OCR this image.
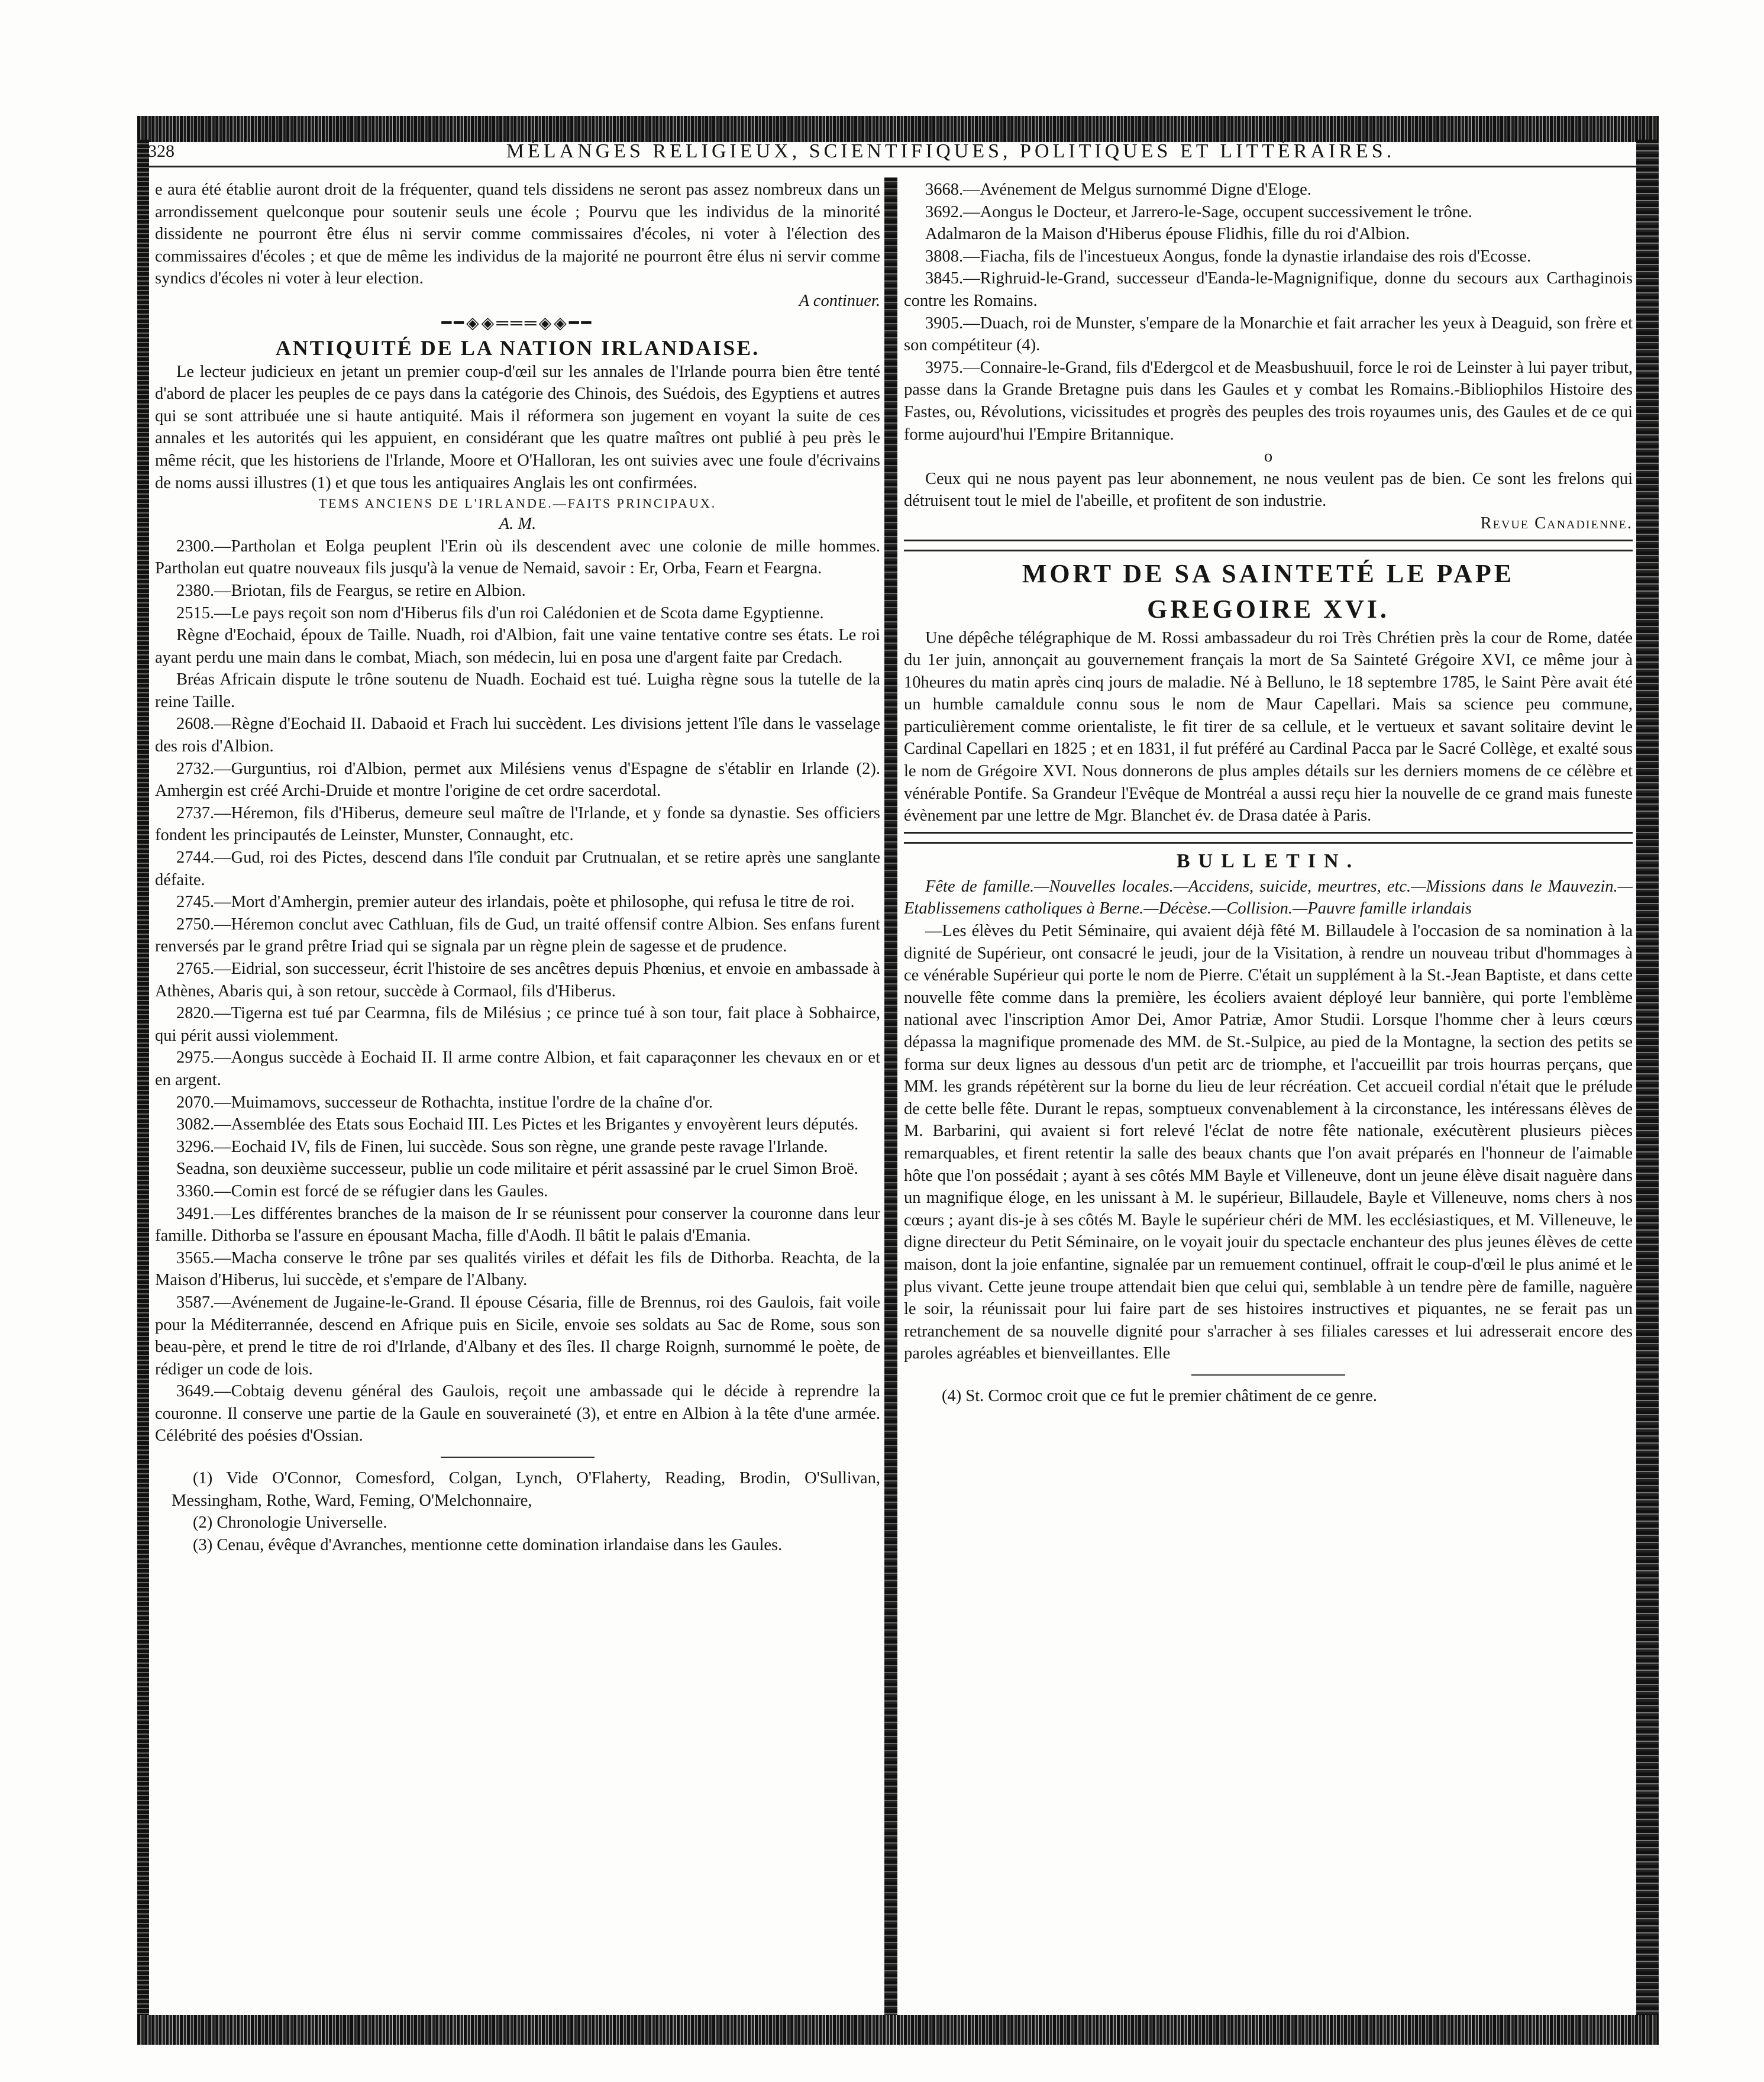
328	MÉLANGES RELIGIEUX, SCIENTIFIQUES, POLITIQUES ET LITTÉRAIRES.

e aura été établie auront droit de la fréquenter, quand tels dissidens ne seront pas assez nombreux dans un arrondissement quelconque pour soutenir seuls une école ; Pourvu que les individus de la minorité dissidente ne pourront être élus ni servir comme commissaires d'écoles, ni voter à l'élection des commissaires d'écoles ; et que de même les individus de la majorité ne pourront être élus ni servir comme syndics d'écoles ni voter à leur election.

A continuer.
━━◈◈═══◈◈━━
ANTIQUITÉ DE LA NATION IRLANDAISE.

Le lecteur judicieux en jetant un premier coup-d'œil sur les annales de l'Irlande pourra bien être tenté d'abord de placer les peuples de ce pays dans la catégorie des Chinois, des Suédois, des Egyptiens et autres qui se sont attribuée une si haute antiquité. Mais il réformera son jugement en voyant la suite de ces annales et les autorités qui les appuient, en considérant que les quatre maîtres ont publié à peu près le même récit, que les historiens de l'Irlande, Moore et O'Halloran, les ont suivies avec une foule d'écrivains de noms aussi illustres (1) et que tous les antiquaires Anglais les ont confirmées.

TEMS ANCIENS DE L'IRLANDE.—FAITS PRINCIPAUX.
A. M.

2300.—Partholan et Eolga peuplent l'Erin où ils descendent avec une colonie de mille hommes. Partholan eut quatre nouveaux fils jusqu'à la venue de Nemaid, savoir : Er, Orba, Fearn et Feargna.

2380.—Briotan, fils de Feargus, se retire en Albion.

2515.—Le pays reçoit son nom d'Hiberus fils d'un roi Calédonien et de Scota dame Egyptienne.

Règne d'Eochaid, époux de Taille. Nuadh, roi d'Albion, fait une vaine tentative contre ses états. Le roi ayant perdu une main dans le combat, Miach, son médecin, lui en posa une d'argent faite par Credach.

Bréas Africain dispute le trône soutenu de Nuadh. Eochaid est tué. Luigha règne sous la tutelle de la reine Taille.

2608.—Règne d'Eochaid II. Dabaoid et Frach lui succèdent. Les divisions jettent l'île dans le vasselage des rois d'Albion.

2732.—Gurguntius, roi d'Albion, permet aux Milésiens venus d'Espagne de s'établir en Irlande (2). Amhergin est créé Archi-Druide et montre l'origine de cet ordre sacerdotal.

2737.—Héremon, fils d'Hiberus, demeure seul maître de l'Irlande, et y fonde sa dynastie. Ses officiers fondent les principautés de Leinster, Munster, Connaught, etc.

2744.—Gud, roi des Pictes, descend dans l'île conduit par Crutnualan, et se retire après une sanglante défaite.

2745.—Mort d'Amhergin, premier auteur des irlandais, poète et philosophe, qui refusa le titre de roi.

2750.—Héremon conclut avec Cathluan, fils de Gud, un traité offensif contre Albion. Ses enfans furent renversés par le grand prêtre Iriad qui se signala par un règne plein de sagesse et de prudence.

2765.—Eidrial, son successeur, écrit l'histoire de ses ancêtres depuis Phœnius, et envoie en ambassade à Athènes, Abaris qui, à son retour, succède à Cormaol, fils d'Hiberus.

2820.—Tigerna est tué par Cearmna, fils de Milésius ; ce prince tué à son tour, fait place à Sobhairce, qui périt aussi violemment.

2975.—Aongus succède à Eochaid II. Il arme contre Albion, et fait caparaçonner les chevaux en or et en argent.

2070.—Muimamovs, successeur de Rothachta, institue l'ordre de la chaîne d'or.

3082.—Assemblée des Etats sous Eochaid III. Les Pictes et les Brigantes y envoyèrent leurs députés.

3296.—Eochaid IV, fils de Finen, lui succède. Sous son règne, une grande peste ravage l'Irlande.

Seadna, son deuxième successeur, publie un code militaire et périt assassiné par le cruel Simon Broë.

3360.—Comin est forcé de se réfugier dans les Gaules.

3491.—Les différentes branches de la maison de Ir se réunissent pour conserver la couronne dans leur famille. Dithorba se l'assure en épousant Macha, fille d'Aodh. Il bâtit le palais d'Emania.

3565.—Macha conserve le trône par ses qualités viriles et défait les fils de Dithorba. Reachta, de la Maison d'Hiberus, lui succède, et s'empare de l'Albany.

3587.—Avénement de Jugaine-le-Grand. Il épouse Césaria, fille de Brennus, roi des Gaulois, fait voile pour la Méditerrannée, descend en Afrique puis en Sicile, envoie ses soldats au Sac de Rome, sous son beau-père, et prend le titre de roi d'Irlande, d'Albany et des îles. Il charge Roignh, surnommé le poète, de rédiger un code de lois.

3649.—Cobtaig devenu général des Gaulois, reçoit une ambassade qui le décide à reprendre la couronne. Il conserve une partie de la Gaule en souveraineté (3), et entre en Albion à la tête d'une armée. Célébrité des poésies d'Ossian.

(1) Vide O'Connor, Comesford, Colgan, Lynch, O'Flaherty, Reading, Brodin, O'Sullivan, Messingham, Rothe, Ward, Feming, O'Melchonnaire,

(2) Chronologie Universelle.

(3) Cenau, évêque d'Avranches, mentionne cette domination irlandaise dans les Gaules.

3668.—Avénement de Melgus surnommé Digne d'Eloge.

3692.—Aongus le Docteur, et Jarrero-le-Sage, occupent successivement le trône.

Adalmaron de la Maison d'Hiberus épouse Flidhis, fille du roi d'Albion.

3808.—Fiacha, fils de l'incestueux Aongus, fonde la dynastie irlandaise des rois d'Ecosse.

3845.—Righruid-le-Grand, successeur d'Eanda-le-Magnignifique, donne du secours aux Carthaginois contre les Romains.

3905.—Duach, roi de Munster, s'empare de la Monarchie et fait arracher les yeux à Deaguid, son frère et son compétiteur (4).

3975.—Connaire-le-Grand, fils d'Edergcol et de Measbushuuil, force le roi de Leinster à lui payer tribut, passe dans la Grande Bretagne puis dans les Gaules et y combat les Romains.-Bibliophilos Histoire des Fastes, ou, Révolutions, vicissitudes et progrès des peuples des trois royaumes unis, des Gaules et de ce qui forme aujourd'hui l'Empire Britannique.

o

Ceux qui ne nous payent pas leur abonnement, ne nous veulent pas de bien. Ce sont les frelons qui détruisent tout le miel de l'abeille, et profitent de son industrie.

Revue Canadienne.
MORT DE SA SAINTETÉ LE PAPE
GREGOIRE XVI.

Une dépêche télégraphique de M. Rossi ambassadeur du roi Très Chrétien près la cour de Rome, datée du 1er juin, annonçait au gouvernement français la mort de Sa Sainteté Grégoire XVI, ce même jour à 10heures du matin après cinq jours de maladie. Né à Belluno, le 18 septembre 1785, le Saint Père avait été un humble camaldule connu sous le nom de Maur Capellari. Mais sa science peu commune, particulièrement comme orientaliste, le fit tirer de sa cellule, et le vertueux et savant solitaire devint le Cardinal Capellari en 1825 ; et en 1831, il fut préféré au Cardinal Pacca par le Sacré Collège, et exalté sous le nom de Grégoire XVI. Nous donnerons de plus amples détails sur les derniers momens de ce célèbre et vénérable Pontife. Sa Grandeur l'Evêque de Montréal a aussi reçu hier la nouvelle de ce grand mais funeste évènement par une lettre de Mgr. Blanchet év. de Drasa datée à Paris.

BULLETIN.

Fête de famille.—Nouvelles locales.—Accidens, suicide, meurtres, etc.—Missions dans le Mauvezin.—Etablissemens catholiques à Berne.—Décèse.—Collision.—Pauvre famille irlandais

—Les élèves du Petit Séminaire, qui avaient déjà fêté M. Billaudele à l'occasion de sa nomination à la dignité de Supérieur, ont consacré le jeudi, jour de la Visitation, à rendre un nouveau tribut d'hommages à ce vénérable Supérieur qui porte le nom de Pierre. C'était un supplément à la St.-Jean Baptiste, et dans cette nouvelle fête comme dans la première, les écoliers avaient déployé leur bannière, qui porte l'emblème national avec l'inscription Amor Dei, Amor Patriæ, Amor Studii. Lorsque l'homme cher à leurs cœurs dépassa la magnifique promenade des MM. de St.-Sulpice, au pied de la Montagne, la section des petits se forma sur deux lignes au dessous d'un petit arc de triomphe, et l'accueillit par trois hourras perçans, que MM. les grands répétèrent sur la borne du lieu de leur récréation. Cet accueil cordial n'était que le prélude de cette belle fête. Durant le repas, somptueux convenablement à la circonstance, les intéressans élèves de M. Barbarini, qui avaient si fort relevé l'éclat de notre fête nationale, exécutèrent plusieurs pièces remarquables, et firent retentir la salle des beaux chants que l'on avait préparés en l'honneur de l'aimable hôte que l'on possédait ; ayant à ses côtés MM Bayle et Villeneuve, dont un jeune élève disait naguère dans un magnifique éloge, en les unissant à M. le supérieur, Billaudele, Bayle et Villeneuve, noms chers à nos cœurs ; ayant dis-je à ses côtés M. Bayle le supérieur chéri de MM. les ecclésiastiques, et M. Villeneuve, le digne directeur du Petit Séminaire, on le voyait jouir du spectacle enchanteur des plus jeunes élèves de cette maison, dont la joie enfantine, signalée par un remuement continuel, offrait le coup-d'œil le plus animé et le plus vivant. Cette jeune troupe attendait bien que celui qui, semblable à un tendre père de famille, naguère le soir, la réunissait pour lui faire part de ses histoires instructives et piquantes, ne se ferait pas un retranchement de sa nouvelle dignité pour s'arracher à ses filiales caresses et lui adresserait encore des paroles agréables et bienveillantes. Elle

(4) St. Cormoc croit que ce fut le premier châtiment de ce genre.
